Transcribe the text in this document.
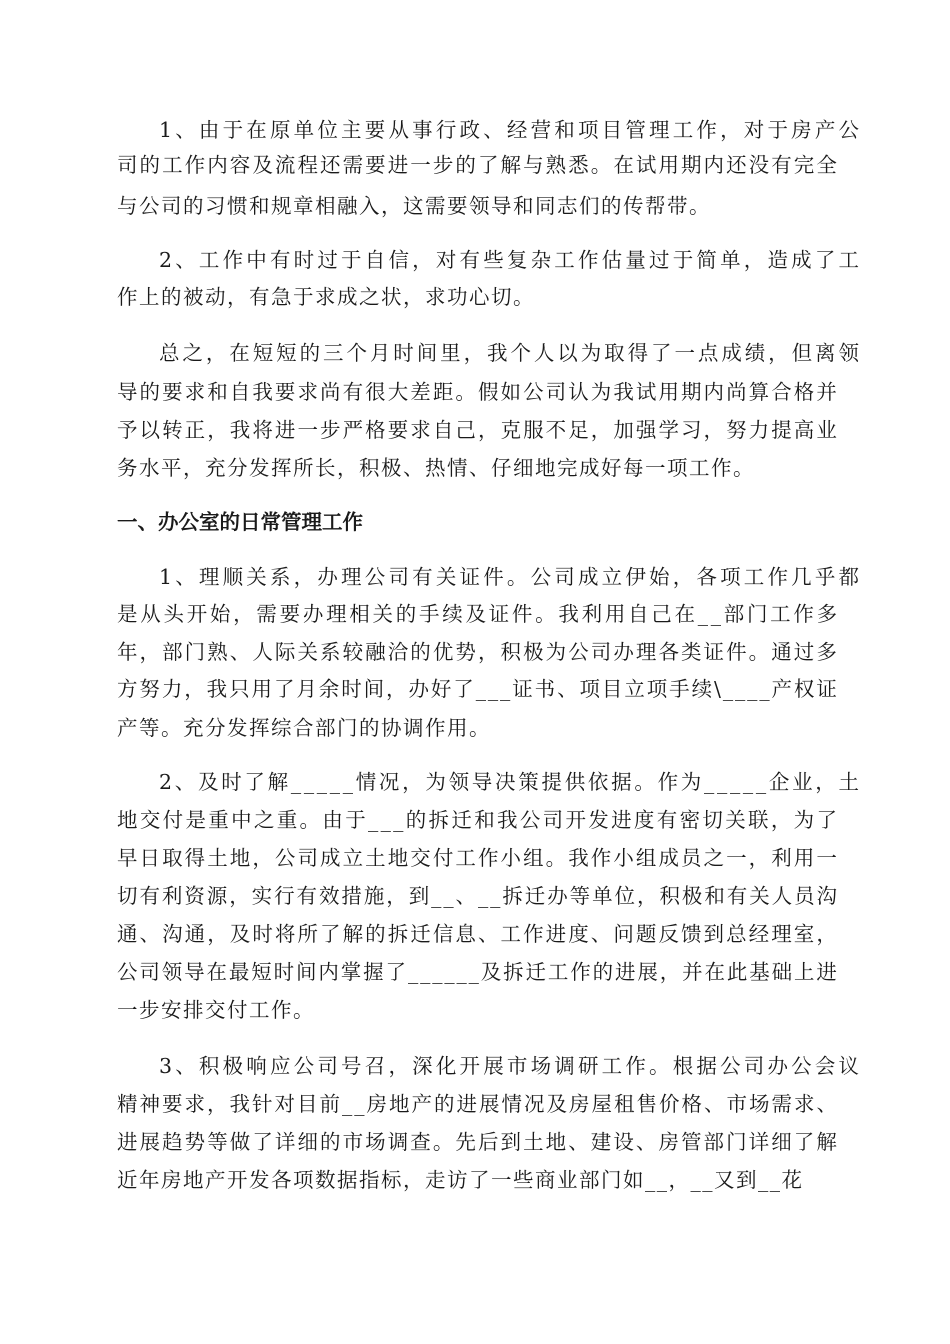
1、由于在原单位主要从事行政、经营和项目管理工作，对于房产公
司的工作内容及流程还需要进一步的了解与熟悉。在试用期内还没有完全
与公司的习惯和规章相融入，这需要领导和同志们的传帮带。
2、工作中有时过于自信，对有些复杂工作估量过于简单，造成了工
作上的被动，有急于求成之状，求功心切。
总之，在短短的三个月时间里，我个人以为取得了一点成绩，但离领
导的要求和自我要求尚有很大差距。假如公司认为我试用期内尚算合格并
予以转正，我将进一步严格要求自己，克服不足，加强学习，努力提高业
务水平，充分发挥所长，积极、热情、仔细地完成好每一项工作。
一、办公室的日常管理工作
1、理顺关系，办理公司有关证件。公司成立伊始，各项工作几乎都
是从头开始，需要办理相关的手续及证件。我利用自己在__部门工作多
年，部门熟、人际关系较融洽的优势，积极为公司办理各类证件。通过多
方努力，我只用了月余时间，办好了___证书、项目立项手续\____产权证
产等。充分发挥综合部门的协调作用。
2、及时了解_____情况，为领导决策提供依据。作为_____企业，土
地交付是重中之重。由于___的拆迁和我公司开发进度有密切关联，为了
早日取得土地，公司成立土地交付工作小组。我作小组成员之一，利用一
切有利资源，实行有效措施，到__、__拆迁办等单位，积极和有关人员沟
通、沟通，及时将所了解的拆迁信息、工作进度、问题反馈到总经理室，
公司领导在最短时间内掌握了______及拆迁工作的进展，并在此基础上进
一步安排交付工作。
3、积极响应公司号召，深化开展市场调研工作。根据公司办公会议
精神要求，我针对目前__房地产的进展情况及房屋租售价格、市场需求、
进展趋势等做了详细的市场调查。先后到土地、建设、房管部门详细了解
近年房地产开发各项数据指标，走访了一些商业部门如__，__又到__花
